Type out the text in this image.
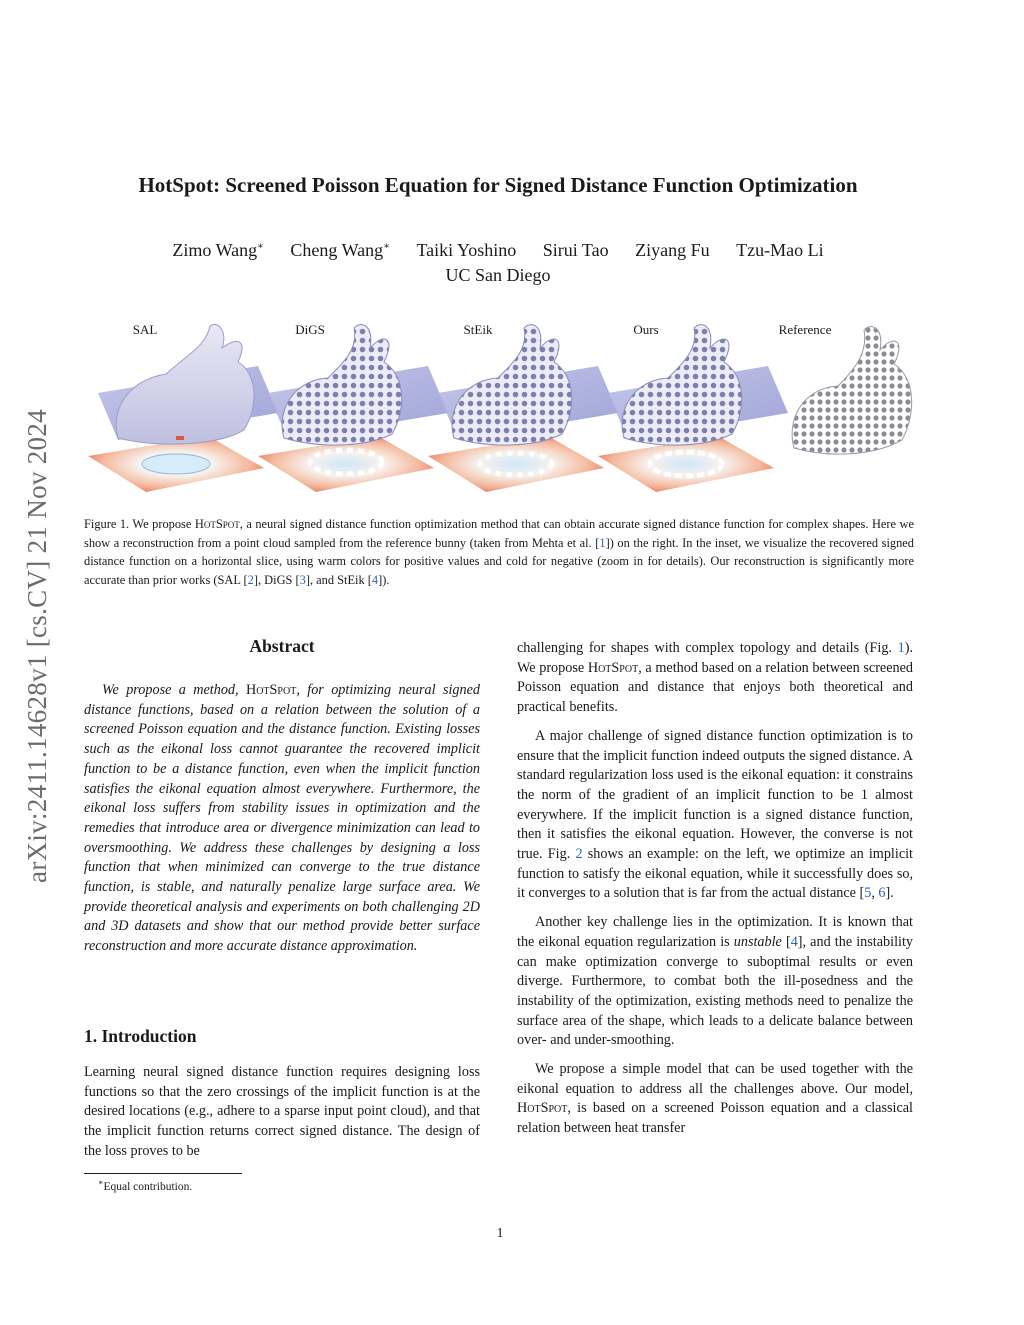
arXiv:2411.14628v1 [cs.CV] 21 Nov 2024
HotSpot: Screened Poisson Equation for Signed Distance Function Optimization
Zimo Wang∗ Cheng Wang∗ Taiki Yoshino Sirui Tao Ziyang Fu Tzu-Mao Li
UC San Diego
SAL	DiGS	StEik	Ours	Reference
Figure 1. We propose HotSpot, a neural signed distance function optimization method that can obtain accurate signed distance function for complex shapes. Here we show a reconstruction from a point cloud sampled from the reference bunny (taken from Mehta et al. [1]) on the right. In the inset, we visualize the recovered signed distance function on a horizontal slice, using warm colors for positive values and cold for negative (zoom in for details). Our reconstruction is significantly more accurate than prior works (SAL [2], DiGS [3], and StEik [4]).
Abstract
We propose a method, HotSpot, for optimizing neural signed distance functions, based on a relation between the solution of a screened Poisson equation and the distance function. Existing losses such as the eikonal loss cannot guarantee the recovered implicit function to be a distance function, even when the implicit function satisfies the eikonal equation almost everywhere. Furthermore, the eikonal loss suffers from stability issues in optimization and the remedies that introduce area or divergence minimization can lead to oversmoothing. We address these challenges by designing a loss function that when minimized can converge to the true distance function, is stable, and naturally penalize large surface area. We provide theoretical analysis and experiments on both challenging 2D and 3D datasets and show that our method provide better surface reconstruction and more accurate distance approximation.
1. Introduction
Learning neural signed distance function requires designing loss functions so that the zero crossings of the implicit function is at the desired locations (e.g., adhere to a sparse input point cloud), and that the implicit function returns correct signed distance. The design of the loss proves to be

challenging for shapes with complex topology and details (Fig. 1). We propose HotSpot, a method based on a relation between screened Poisson equation and distance that enjoys both theoretical and practical benefits.

A major challenge of signed distance function optimization is to ensure that the implicit function indeed outputs the signed distance. A standard regularization loss used is the eikonal equation: it constrains the norm of the gradient of an implicit function to be 1 almost everywhere. If the implicit function is a signed distance function, then it satisfies the eikonal equation. However, the converse is not true. Fig. 2 shows an example: on the left, we optimize an implicit function to satisfy the eikonal equation, while it successfully does so, it converges to a solution that is far from the actual distance [5, 6].

Another key challenge lies in the optimization. It is known that the eikonal equation regularization is unstable [4], and the instability can make optimization converge to suboptimal results or even diverge. Furthermore, to combat both the ill-posedness and the instability of the optimization, existing methods need to penalize the surface area of the shape, which leads to a delicate balance between over- and under-smoothing.

We propose a simple model that can be used together with the eikonal equation to address all the challenges above. Our model, HotSpot, is based on a screened Poisson equation and a classical relation between heat transfer

∗Equal contribution.
1
